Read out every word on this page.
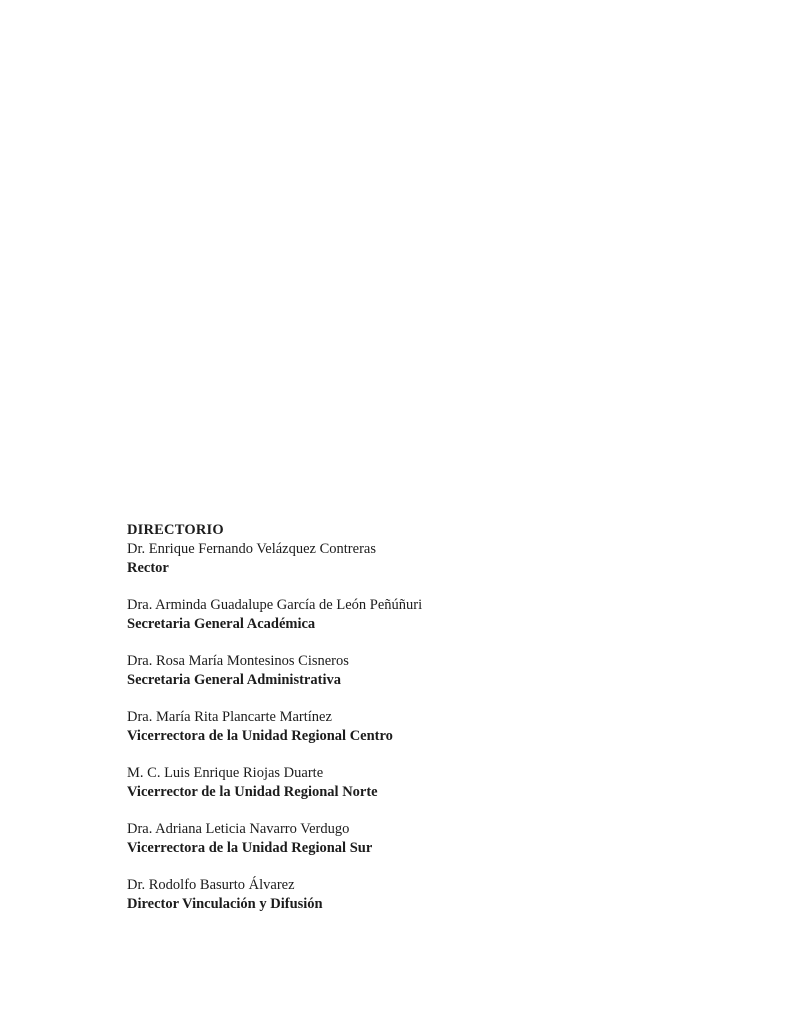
DIRECTORIO
Dr. Enrique Fernando Velázquez Contreras
Rector
Dra. Arminda Guadalupe García de León Peñúñuri
Secretaria General Académica
Dra. Rosa María Montesinos Cisneros
Secretaria General Administrativa
Dra. María Rita Plancarte Martínez
Vicerrectora de la Unidad Regional Centro
M. C. Luis Enrique Riojas Duarte
Vicerrector de la Unidad Regional Norte
Dra. Adriana Leticia Navarro Verdugo
Vicerrectora de la Unidad Regional Sur
Dr. Rodolfo Basurto Álvarez
Director Vinculación y Difusión
